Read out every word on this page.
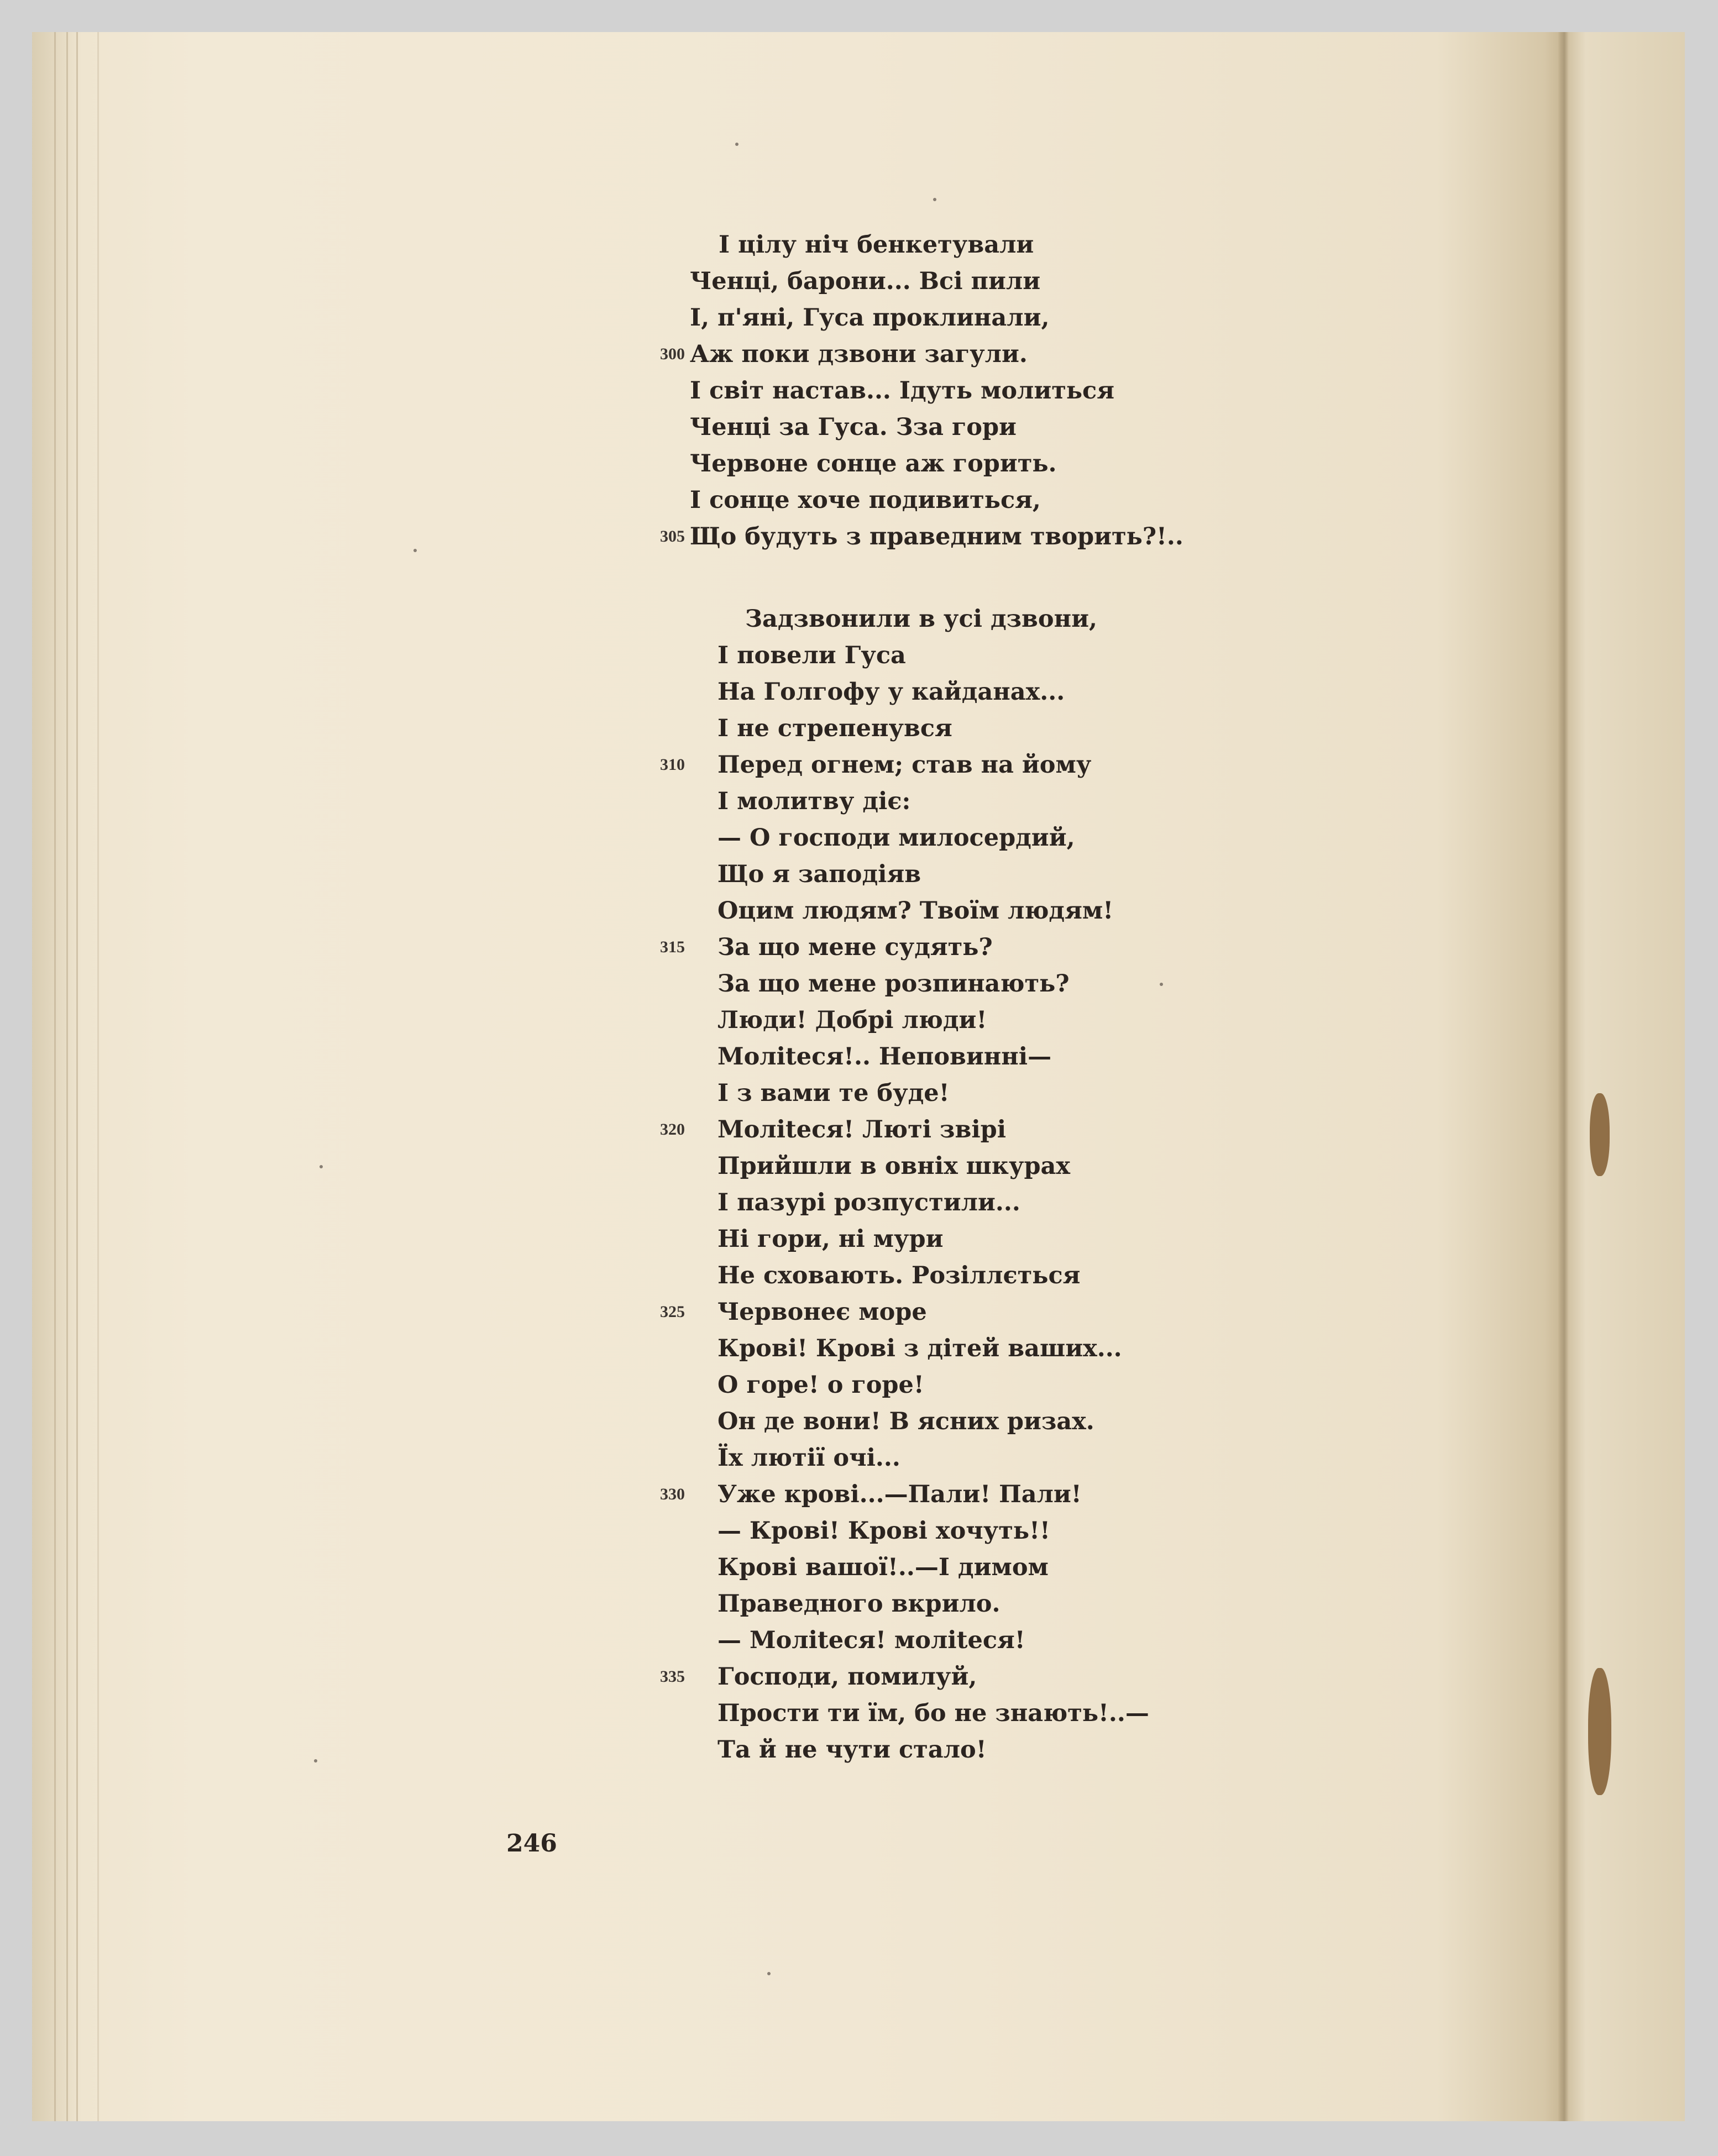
246
І цілу ніч бенкетували
Ченці, барони... Всі пили
І, п'яні, Гуса проклинали,
Аж поки дзвони загули.
300
І світ настав... Ідуть молиться
Ченці за Гуса. Зза гори
Червоне сонце аж горить.
І сонце хоче подивиться,
Що будуть з праведним творить?!..
305
Задзвонили в усі дзвони,
І повели Гуса
На Голгофу у кайданах...
І не стрепенувся
Перед огнем; став на йому
310
І молитву діє:
— О господи милосердий,
Що я заподіяв
Оцим людям? Твоїм людям!
За що мене судять?
315
За що мене розпинають?
Люди! Добрі люди!
Моліteся!.. Неповинні—
І з вами те буде!
Моліteся! Люті звірі
320
Прийшли в овніх шкурах
І пазурі розпустили...
Ні гори, ні мури
Не сховають. Розіллється
Червонеє море
325
Крові! Крові з дітей ваших...
О горе! о горе!
Он де вони! В ясних ризах.
Їх лютії очі...
Уже крові...—Пали! Пали!
330
— Крові! Крові хочуть!!
Крові вашої!..—І димом
Праведного вкрило.
— Моліteся! моліteся!
Господи, помилуй,
335
Прости ти їм, бо не знають!..—
Та й не чути стало!
